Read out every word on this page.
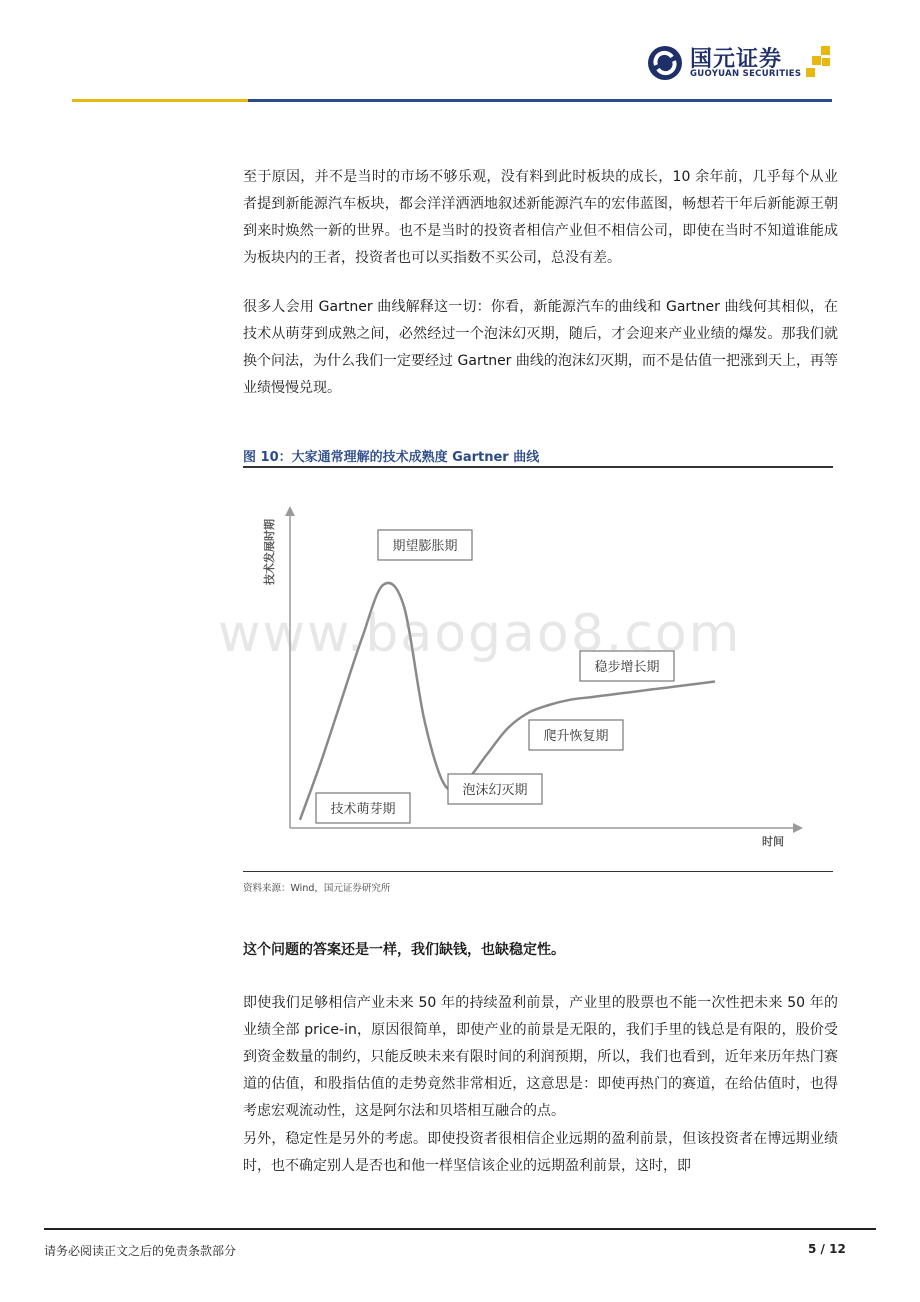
国元证券
GUOYUAN SECURITIES

至于原因，并不是当时的市场不够乐观，没有料到此时板块的成长，10 余年前，几乎每个从业者提到新能源汽车板块，都会洋洋洒洒地叙述新能源汽车的宏伟蓝图，畅想若干年后新能源王朝到来时焕然一新的世界。也不是当时的投资者相信产业但不相信公司，即使在当时不知道谁能成为板块内的王者，投资者也可以买指数不买公司，总没有差。

很多人会用 Gartner 曲线解释这一切：你看，新能源汽车的曲线和 Gartner 曲线何其相似，在技术从萌芽到成熟之间，必然经过一个泡沫幻灭期，随后，才会迎来产业业绩的爆发。那我们就换个问法，为什么我们一定要经过 Gartner 曲线的泡沫幻灭期，而不是估值一把涨到天上，再等业绩慢慢兑现。

图 10：大家通常理解的技术成熟度 Gartner 曲线
技术发展时期
时间
技术萌芽期
期望膨胀期
泡沫幻灭期
爬升恢复期
稳步增长期
资料来源：Wind，国元证券研究所
www.baogao8.com

这个问题的答案还是一样，我们缺钱，也缺稳定性。

即使我们足够相信产业未来 50 年的持续盈利前景，产业里的股票也不能一次性把未来 50 年的业绩全部 price-in，原因很简单，即使产业的前景是无限的，我们手里的钱总是有限的，股价受到资金数量的制约，只能反映未来有限时间的利润预期，所以，我们也看到，近年来历年热门赛道的估值，和股指估值的走势竟然非常相近，这意思是：即使再热门的赛道，在给估值时，也得考虑宏观流动性，这是阿尔法和贝塔相互融合的点。

另外，稳定性是另外的考虑。即使投资者很相信企业远期的盈利前景，但该投资者在博远期业绩时，也不确定别人是否也和他一样坚信该企业的远期盈利前景，这时，即

请务必阅读正文之后的免责条款部分	5 / 12
